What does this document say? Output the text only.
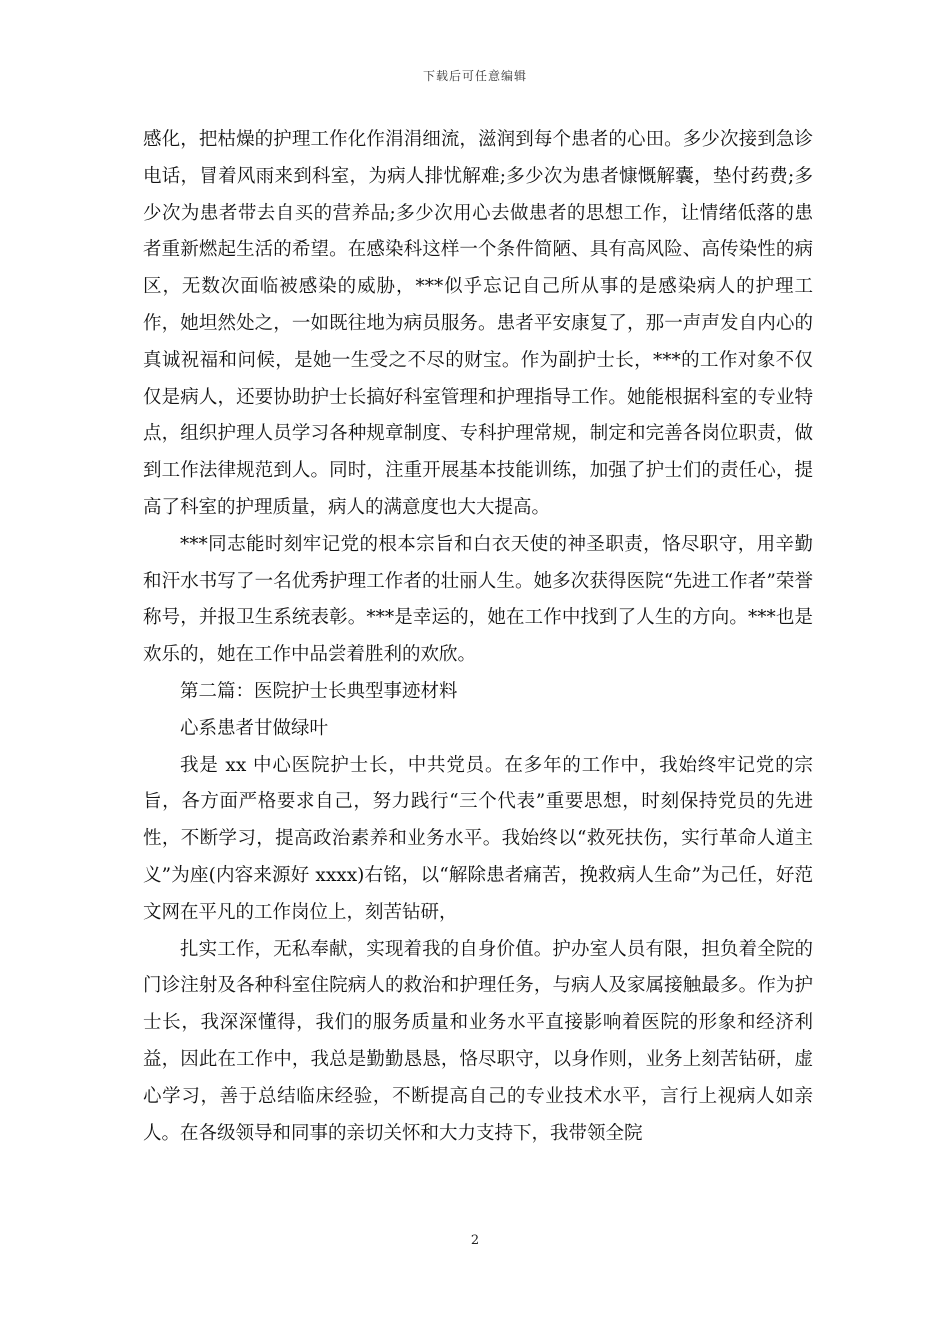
下载后可任意编辑

感化，把枯燥的护理工作化作涓涓细流，滋润到每个患者的心田。多少次接到急诊电话，冒着风雨来到科室，为病人排忧解难;多少次为患者慷慨解囊，垫付药费;多少次为患者带去自买的营养品;多少次用心去做患者的思想工作，让情绪低落的患者重新燃起生活的希望。在感染科这样一个条件简陋、具有高风险、高传染性的病区，无数次面临被感染的威胁，***似乎忘记自己所从事的是感染病人的护理工作，她坦然处之，一如既往地为病员服务。患者平安康复了，那一声声发自内心的真诚祝福和问候，是她一生受之不尽的财宝。作为副护士长，***的工作对象不仅仅是病人，还要协助护士长搞好科室管理和护理指导工作。她能根据科室的专业特点，组织护理人员学习各种规章制度、专科护理常规，制定和完善各岗位职责，做到工作法律规范到人。同时，注重开展基本技能训练，加强了护士们的责任心，提高了科室的护理质量，病人的满意度也大大提高。

***同志能时刻牢记党的根本宗旨和白衣天使的神圣职责，恪尽职守，用辛勤和汗水书写了一名优秀护理工作者的壮丽人生。她多次获得医院“先进工作者”荣誉称号，并报卫生系统表彰。***是幸运的，她在工作中找到了人生的方向。***也是欢乐的，她在工作中品尝着胜利的欢欣。

第二篇：医院护士长典型事迹材料

心系患者甘做绿叶

我是 xx 中心医院护士长，中共党员。在多年的工作中，我始终牢记党的宗旨，各方面严格要求自己，努力践行“三个代表”重要思想，时刻保持党员的先进性，不断学习，提高政治素养和业务水平。我始终以“救死扶伤，实行革命人道主义”为座(内容来源好 xxxx)右铭，以“解除患者痛苦，挽救病人生命”为己任，好范文网在平凡的工作岗位上，刻苦钻研，

扎实工作，无私奉献，实现着我的自身价值。护办室人员有限，担负着全院的门诊注射及各种科室住院病人的救治和护理任务，与病人及家属接触最多。作为护士长，我深深懂得，我们的服务质量和业务水平直接影响着医院的形象和经济利益，因此在工作中，我总是勤勤恳恳，恪尽职守，以身作则，业务上刻苦钻研，虚心学习，善于总结临床经验，不断提高自己的专业技术水平，言行上视病人如亲人。在各级领导和同事的亲切关怀和大力支持下，我带领全院

2
